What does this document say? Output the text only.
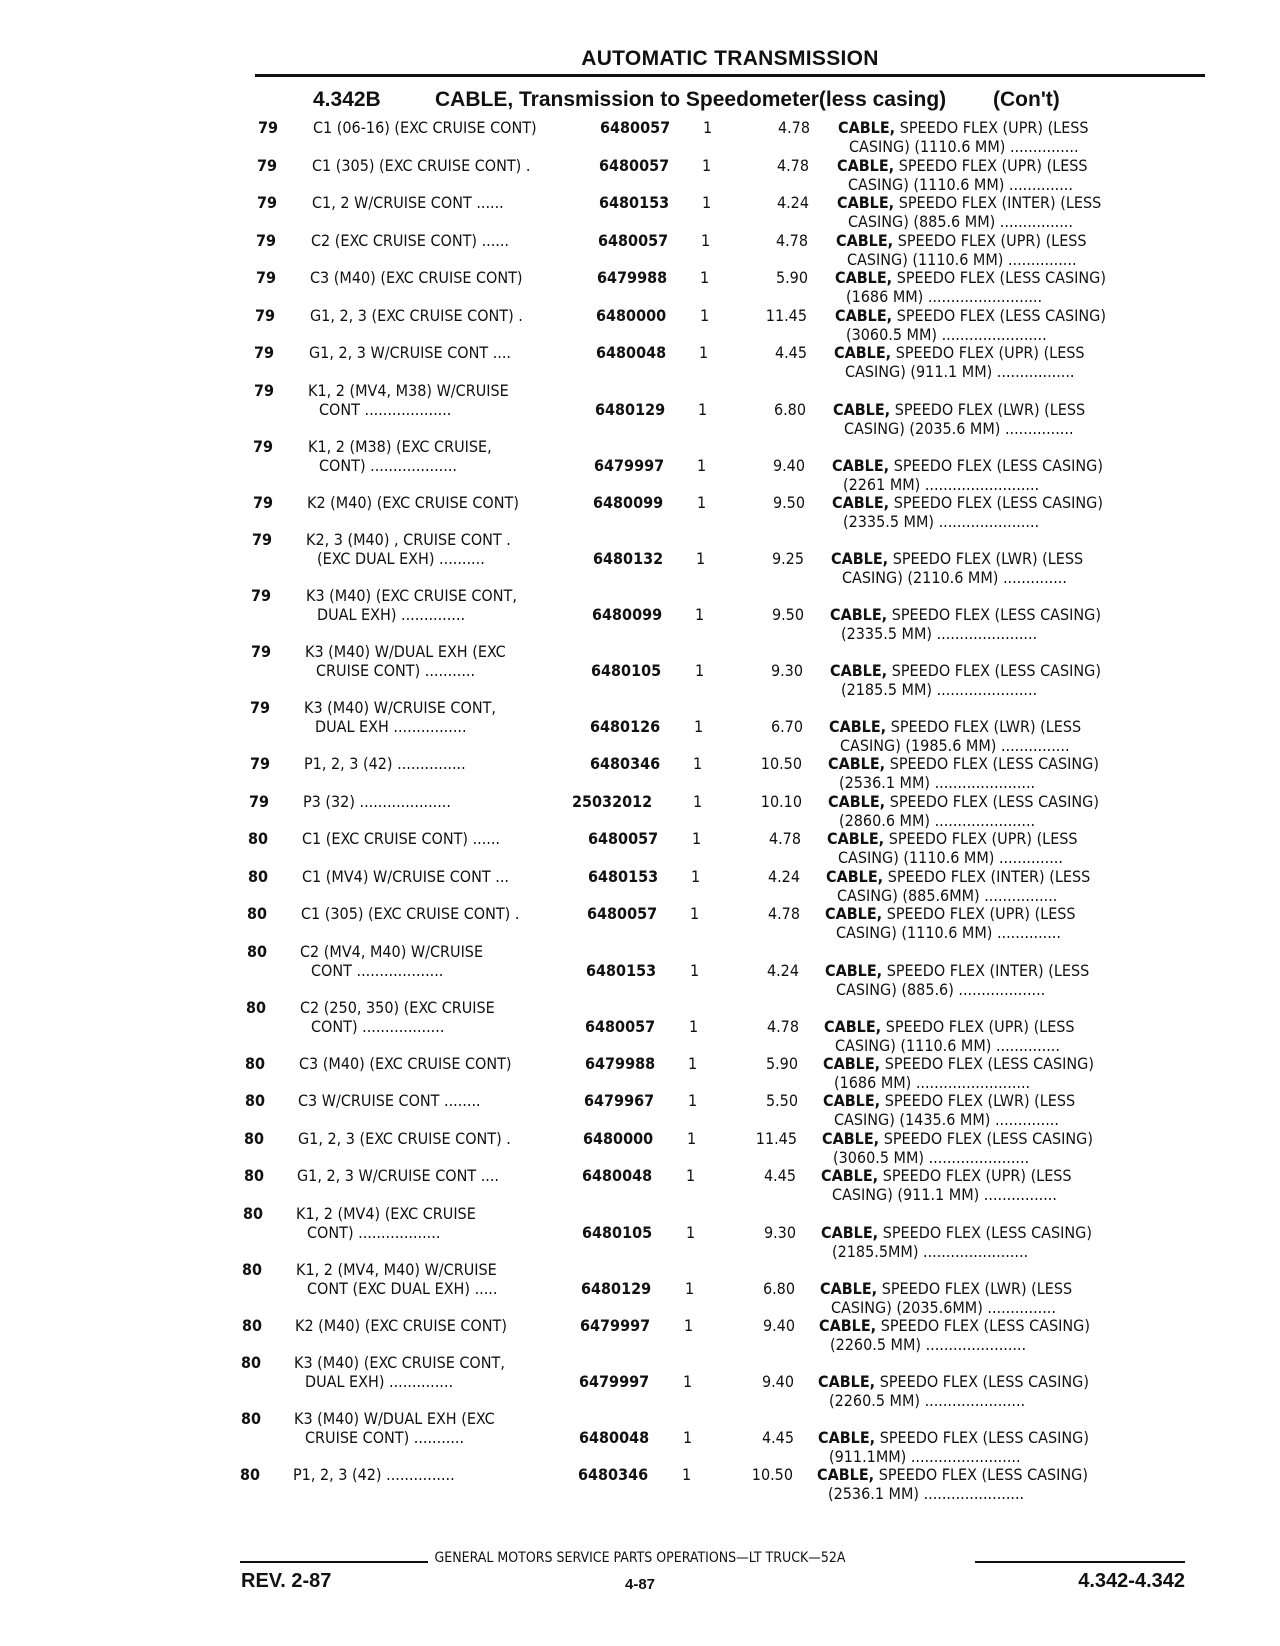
AUTOMATIC TRANSMISSION
4.342B	CABLE, Transmission to Speedometer(less casing) (Con't)
79 C1 (06-16) (EXC CRUISE CONT)	6480057 1	4.78 CABLE, SPEEDO FLEX (UPR) (LESS
CASING) (1110.6 MM) ...............
79 C1 (305) (EXC CRUISE CONT) .	6480057 1	4.78 CABLE, SPEEDO FLEX (UPR) (LESS
CASING) (1110.6 MM) ..............
79 C1, 2 W/CRUISE CONT ......	6480153 1	4.24 CABLE, SPEEDO FLEX (INTER) (LESS
CASING) (885.6 MM) ................
79 C2 (EXC CRUISE CONT) ......	6480057 1	4.78 CABLE, SPEEDO FLEX (UPR) (LESS
CASING) (1110.6 MM) ...............
79 C3 (M40) (EXC CRUISE CONT)	6479988 1	5.90 CABLE, SPEEDO FLEX (LESS CASING)
(1686 MM) .........................
79 G1, 2, 3 (EXC CRUISE CONT) .	6480000 1	11.45 CABLE, SPEEDO FLEX (LESS CASING)
(3060.5 MM) .......................
79 G1, 2, 3 W/CRUISE CONT ....	6480048 1	4.45 CABLE, SPEEDO FLEX (UPR) (LESS
CASING) (911.1 MM) .................
79 K1, 2 (MV4, M38) W/CRUISE
CONT ...................	6480129 1	6.80 CABLE, SPEEDO FLEX (LWR) (LESS
CASING) (2035.6 MM) ...............
79 K1, 2 (M38) (EXC CRUISE,
CONT) ...................	6479997 1	9.40 CABLE, SPEEDO FLEX (LESS CASING)
(2261 MM) .........................
79 K2 (M40) (EXC CRUISE CONT)	6480099 1	9.50 CABLE, SPEEDO FLEX (LESS CASING)
(2335.5 MM) ......................
79 K2, 3 (M40) , CRUISE CONT .
(EXC DUAL EXH) ..........	6480132 1	9.25 CABLE, SPEEDO FLEX (LWR) (LESS
CASING) (2110.6 MM) ..............
79 K3 (M40) (EXC CRUISE CONT,
DUAL EXH) ..............	6480099 1	9.50 CABLE, SPEEDO FLEX (LESS CASING)
(2335.5 MM) ......................
79 K3 (M40) W/DUAL EXH (EXC
CRUISE CONT) ...........	6480105 1	9.30 CABLE, SPEEDO FLEX (LESS CASING)
(2185.5 MM) ......................
79 K3 (M40) W/CRUISE CONT,
DUAL EXH ................	6480126 1	6.70 CABLE, SPEEDO FLEX (LWR) (LESS
CASING) (1985.6 MM) ...............
79 P1, 2, 3 (42) ...............	6480346 1	10.50 CABLE, SPEEDO FLEX (LESS CASING)
(2536.1 MM) ......................
79 P3 (32) ....................	25032012	1	10.10 CABLE, SPEEDO FLEX (LESS CASING)
(2860.6 MM) ......................
80 C1 (EXC CRUISE CONT) ......	6480057 1	4.78 CABLE, SPEEDO FLEX (UPR) (LESS
CASING) (1110.6 MM) ..............
80 C1 (MV4) W/CRUISE CONT ...	6480153 1	4.24 CABLE, SPEEDO FLEX (INTER) (LESS
CASING) (885.6MM) ................
80 C1 (305) (EXC CRUISE CONT) .	6480057 1	4.78 CABLE, SPEEDO FLEX (UPR) (LESS
CASING) (1110.6 MM) ..............
80 C2 (MV4, M40) W/CRUISE
CONT ...................	6480153 1	4.24 CABLE, SPEEDO FLEX (INTER) (LESS
CASING) (885.6) ...................
80 C2 (250, 350) (EXC CRUISE
CONT) ..................	6480057 1	4.78 CABLE, SPEEDO FLEX (UPR) (LESS
CASING) (1110.6 MM) ..............
80 C3 (M40) (EXC CRUISE CONT)	6479988 1	5.90 CABLE, SPEEDO FLEX (LESS CASING)
(1686 MM) .........................
80 C3 W/CRUISE CONT ........	6479967 1	5.50 CABLE, SPEEDO FLEX (LWR) (LESS
CASING) (1435.6 MM) ..............
80 G1, 2, 3 (EXC CRUISE CONT) .	6480000 1	11.45 CABLE, SPEEDO FLEX (LESS CASING)
(3060.5 MM) ......................
80 G1, 2, 3 W/CRUISE CONT ....	6480048 1	4.45 CABLE, SPEEDO FLEX (UPR) (LESS
CASING) (911.1 MM) ................
80 K1, 2 (MV4) (EXC CRUISE
CONT) ..................	6480105 1	9.30 CABLE, SPEEDO FLEX (LESS CASING)
(2185.5MM) .......................
80 K1, 2 (MV4, M40) W/CRUISE
CONT (EXC DUAL EXH) .....	6480129 1	6.80 CABLE, SPEEDO FLEX (LWR) (LESS
CASING) (2035.6MM) ...............
80 K2 (M40) (EXC CRUISE CONT)	6479997 1	9.40 CABLE, SPEEDO FLEX (LESS CASING)
(2260.5 MM) ......................
80 K3 (M40) (EXC CRUISE CONT,
DUAL EXH) ..............	6479997 1	9.40 CABLE, SPEEDO FLEX (LESS CASING)
(2260.5 MM) ......................
80 K3 (M40) W/DUAL EXH (EXC
CRUISE CONT) ...........	6480048 1	4.45 CABLE, SPEEDO FLEX (LESS CASING)
(911.1MM) ........................
80 P1, 2, 3 (42) ...............	6480346 1	10.50 CABLE, SPEEDO FLEX (LESS CASING)
(2536.1 MM) ......................
GENERAL MOTORS SERVICE PARTS OPERATIONS—LT TRUCK—52A
REV. 2-87	4-87	4.342-4.342
